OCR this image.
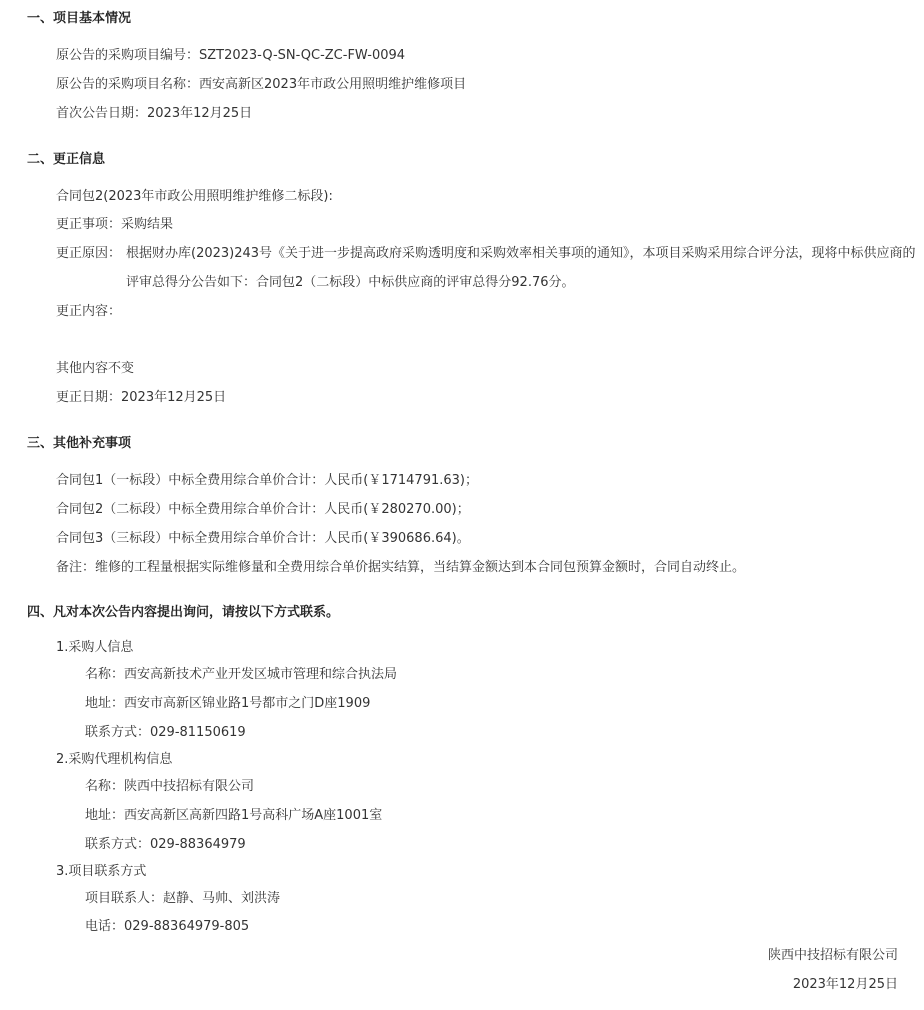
一、项目基本情况
原公告的采购项目编号：SZT2023-Q-SN-QC-ZC-FW-0094
原公告的采购项目名称：西安高新区2023年市政公用照明维护维修项目
首次公告日期：2023年12月25日
二、更正信息
合同包2(2023年市政公用照明维护维修二标段):
更正事项：采购结果
更正原因： 根据财办库(2023)243号《关于进一步提高政府采购透明度和采购效率相关事项的通知》，本项目采购采用综合评分法，现将中标供应商的
评审总得分公告如下：合同包2（二标段）中标供应商的评审总得分92.76分。
更正内容：
其他内容不变
更正日期：2023年12月25日
三、其他补充事项
合同包1（一标段）中标全费用综合单价合计：人民币(￥1714791.63)；
合同包2（二标段）中标全费用综合单价合计：人民币(￥280270.00)；
合同包3（三标段）中标全费用综合单价合计：人民币(￥390686.64)。
备注：维修的工程量根据实际维修量和全费用综合单价据实结算，当结算金额达到本合同包预算金额时，合同自动终止。
四、凡对本次公告内容提出询问，请按以下方式联系。
1.采购人信息
名称：西安高新技术产业开发区城市管理和综合执法局
地址：西安市高新区锦业路1号都市之门D座1909
联系方式：029-81150619
2.采购代理机构信息
名称：陕西中技招标有限公司
地址：西安高新区高新四路1号高科广场A座1001室
联系方式：029-88364979
3.项目联系方式
项目联系人：赵静、马帅、刘洪涛
电话：029-88364979-805
陕西中技招标有限公司
2023年12月25日
